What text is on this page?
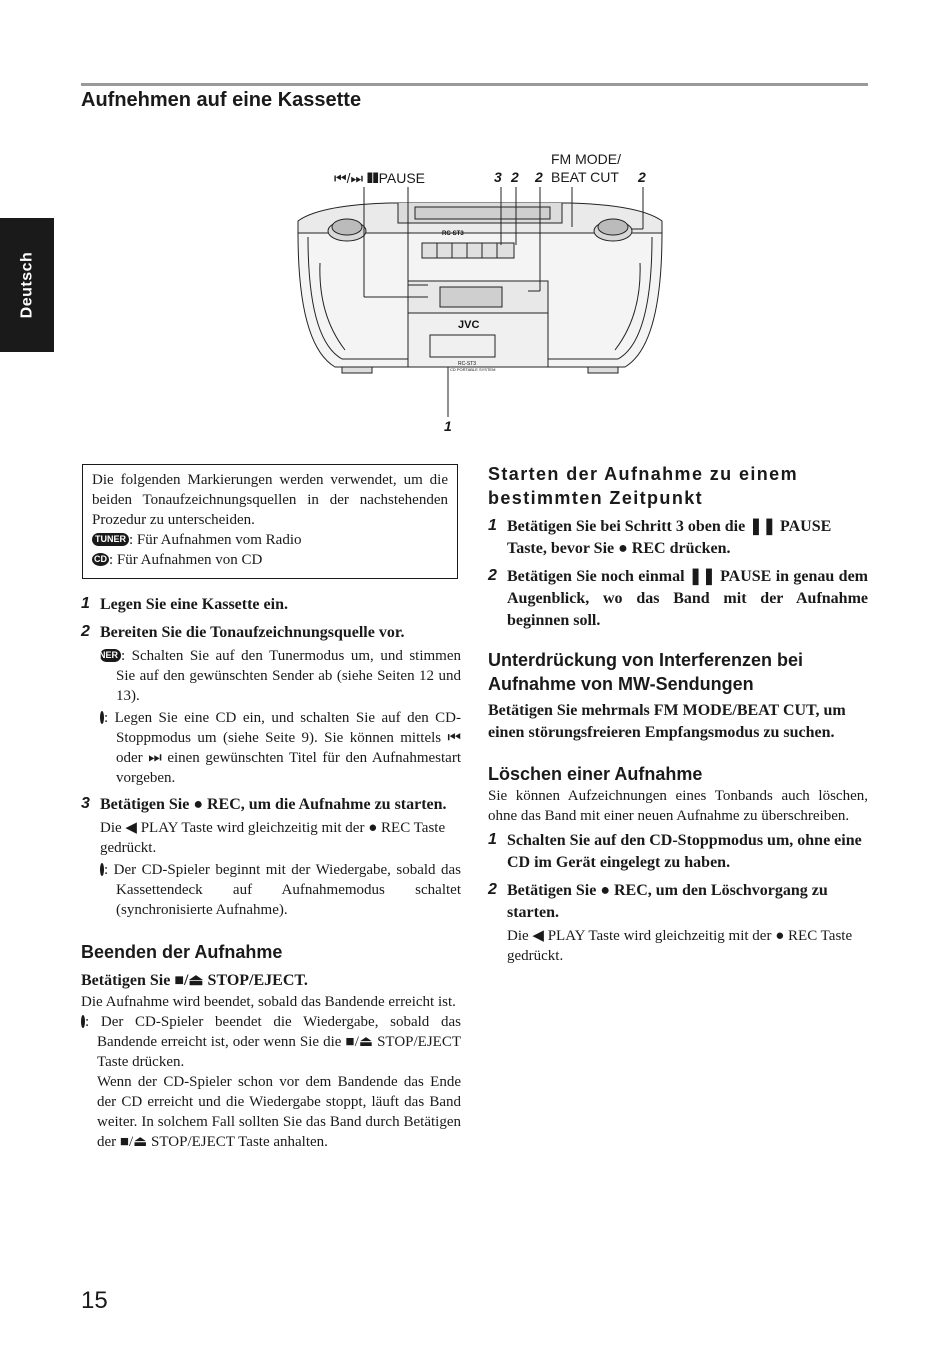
Aufnehmen auf eine Kassette
Deutsch
⏮/⏭ ❚❚PAUSE	3 2 2
FM MODE/
BEAT CUT 2
1
JVC
RC-ST3
RC-ST3
CD PORTABLE SYSTEM

Die folgenden Markierungen werden verwendet, um die beiden Tonaufzeichnungsquellen in der nachstehenden Prozedur zu unterscheiden.

TUNER : Für Aufnahmen vom Radio

CD : Für Aufnahmen von CD

1 Legen Sie eine Kassette ein.
2 Bereiten Sie die Tonaufzeichnungsquelle vor.

TUNER : Schalten Sie auf den Tunermodus um, und stimmen Sie auf den gewünschten Sender ab (siehe Seiten 12 und 13).

CD : Legen Sie eine CD ein, und schalten Sie auf den CD-Stoppmodus um (siehe Seite 9). Sie können mittels ⏮ oder ⏭ einen gewünschten Titel für den Aufnahmestart vorgeben.

3 Betätigen Sie ● REC, um die Aufnahme zu starten.

Die ◀ PLAY Taste wird gleichzeitig mit der ● REC Taste gedrückt.

CD : Der CD-Spieler beginnt mit der Wiedergabe, sobald das Kassettendeck auf Aufnahmemodus schaltet (synchronisierte Aufnahme).

Beenden der Aufnahme
Betätigen Sie ■/⏏ STOP/EJECT.

Die Aufnahme wird beendet, sobald das Bandende erreicht ist.

CD : Der CD-Spieler beendet die Wiedergabe, sobald das Bandende erreicht ist, oder wenn Sie die ■/⏏ STOP/EJECT Taste drücken.

Wenn der CD-Spieler schon vor dem Bandende das Ende der CD erreicht und die Wiedergabe stoppt, läuft das Band weiter. In solchem Fall sollten Sie das Band durch Betätigen der ■/⏏ STOP/EJECT Taste anhalten.

Starten der Aufnahme zu einem bestimmten Zeitpunkt
1 Betätigen Sie bei Schritt 3 oben die ❚❚ PAUSE Taste, bevor Sie ● REC drücken.
2 Betätigen Sie noch einmal ❚❚ PAUSE in genau dem Augenblick, wo das Band mit der Aufnahme beginnen soll.
Unterdrückung von Interferenzen bei Aufnahme von MW-Sendungen
Betätigen Sie mehrmals FM MODE/BEAT CUT, um einen störungsfreieren Empfangsmodus zu suchen.
Löschen einer Aufnahme

Sie können Aufzeichnungen eines Tonbands auch löschen, ohne das Band mit einer neuen Aufnahme zu überschreiben.

1 Schalten Sie auf den CD-Stoppmodus um, ohne eine CD im Gerät eingelegt zu haben.
2 Betätigen Sie ● REC, um den Löschvorgang zu starten.

Die ◀ PLAY Taste wird gleichzeitig mit der ● REC Taste gedrückt.

15
